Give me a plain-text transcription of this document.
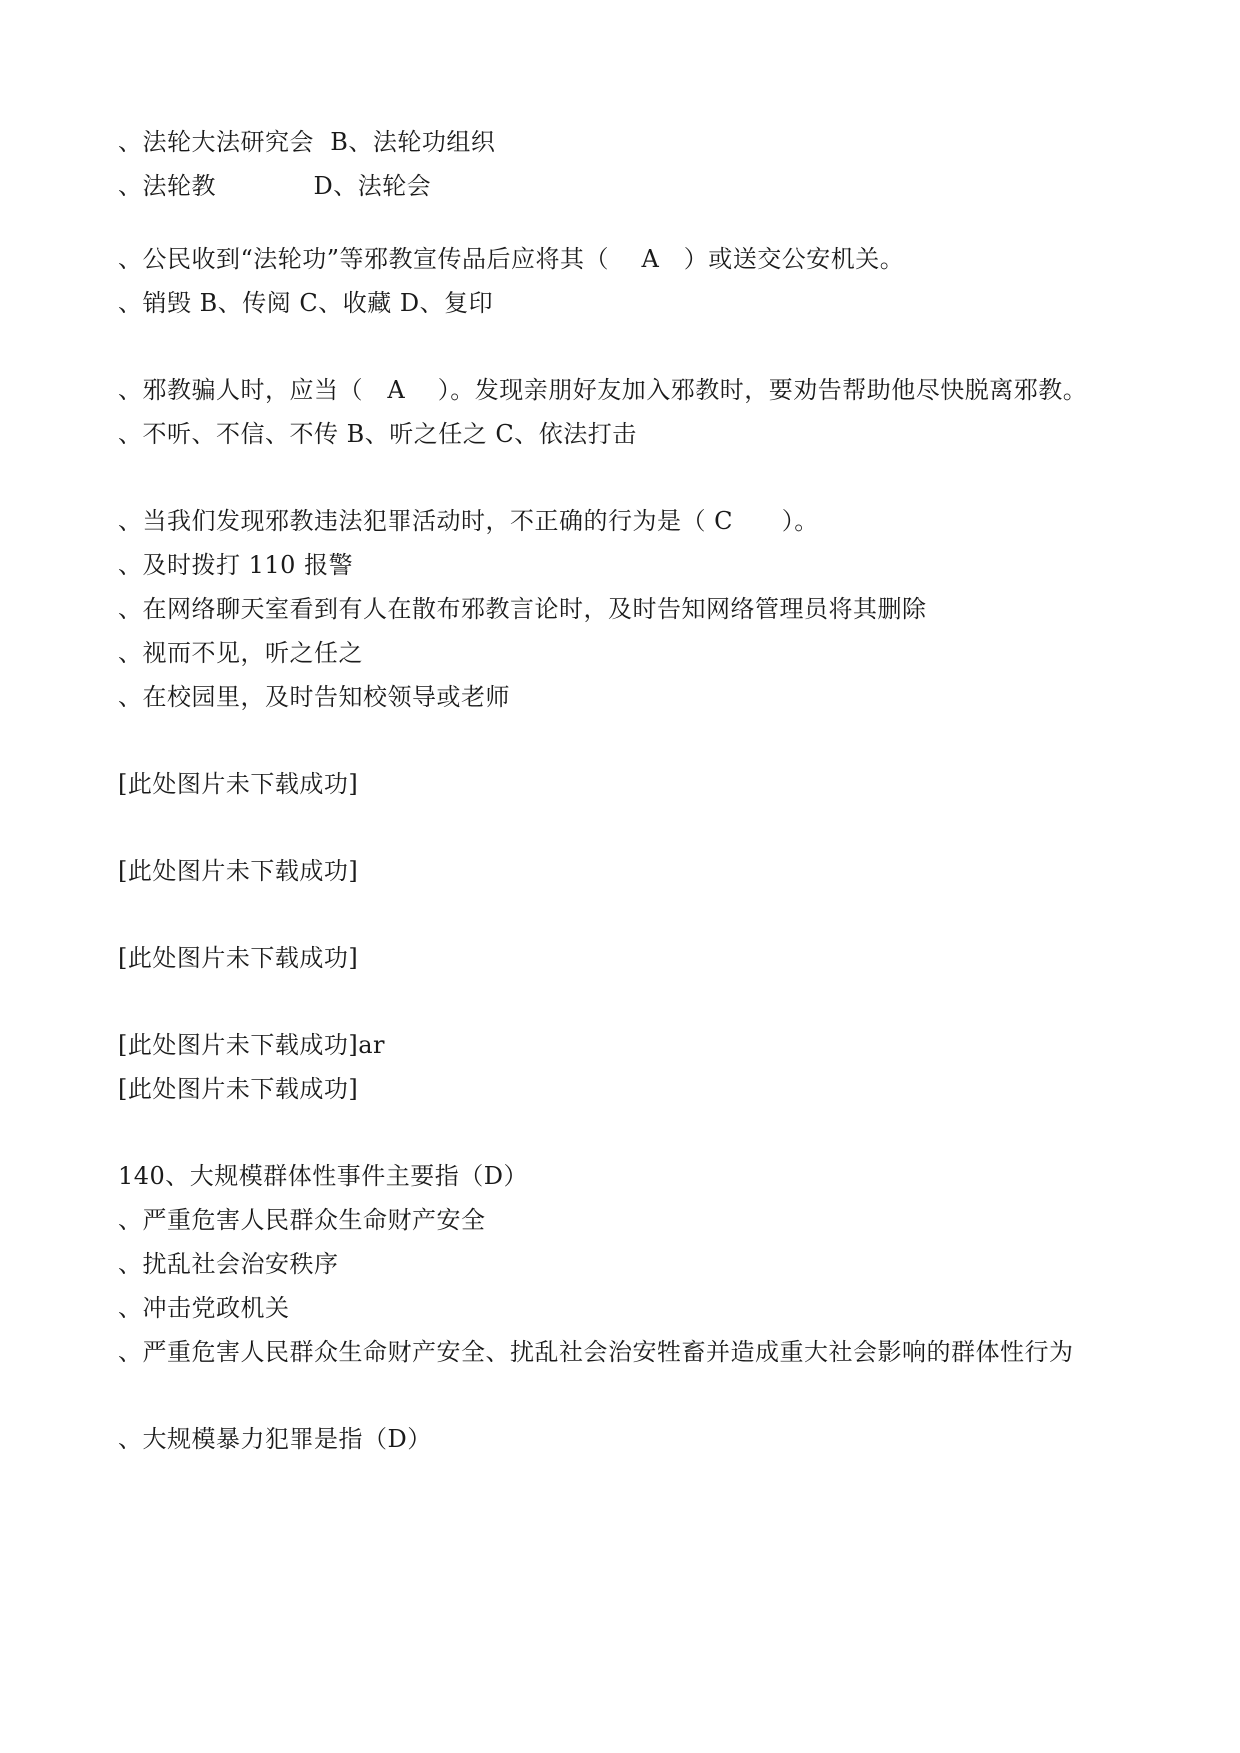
、法轮大法研究会  B、法轮功组织
、法轮教            D、法轮会
、公民收到“法轮功”等邪教宣传品后应将其（    A   ）或送交公安机关。
、销毁 B、传阅 C、收藏 D、复印
、邪教骗人时，应当（   A    ）。发现亲朋好友加入邪教时，要劝告帮助他尽快脱离邪教。
、不听、不信、不传 B、听之任之 C、依法打击
、当我们发现邪教违法犯罪活动时，不正确的行为是（ C      ）。
、及时拨打 110 报警
、在网络聊天室看到有人在散布邪教言论时，及时告知网络管理员将其删除
、视而不见，听之任之
、在校园里，及时告知校领导或老师
[此处图片未下载成功]
[此处图片未下载成功]
[此处图片未下载成功]
[此处图片未下载成功]ar
[此处图片未下载成功]
140、大规模群体性事件主要指（D）
、严重危害人民群众生命财产安全
、扰乱社会治安秩序
、冲击党政机关
、严重危害人民群众生命财产安全、扰乱社会治安牲畜并造成重大社会影响的群体性行为
、大规模暴力犯罪是指（D）
